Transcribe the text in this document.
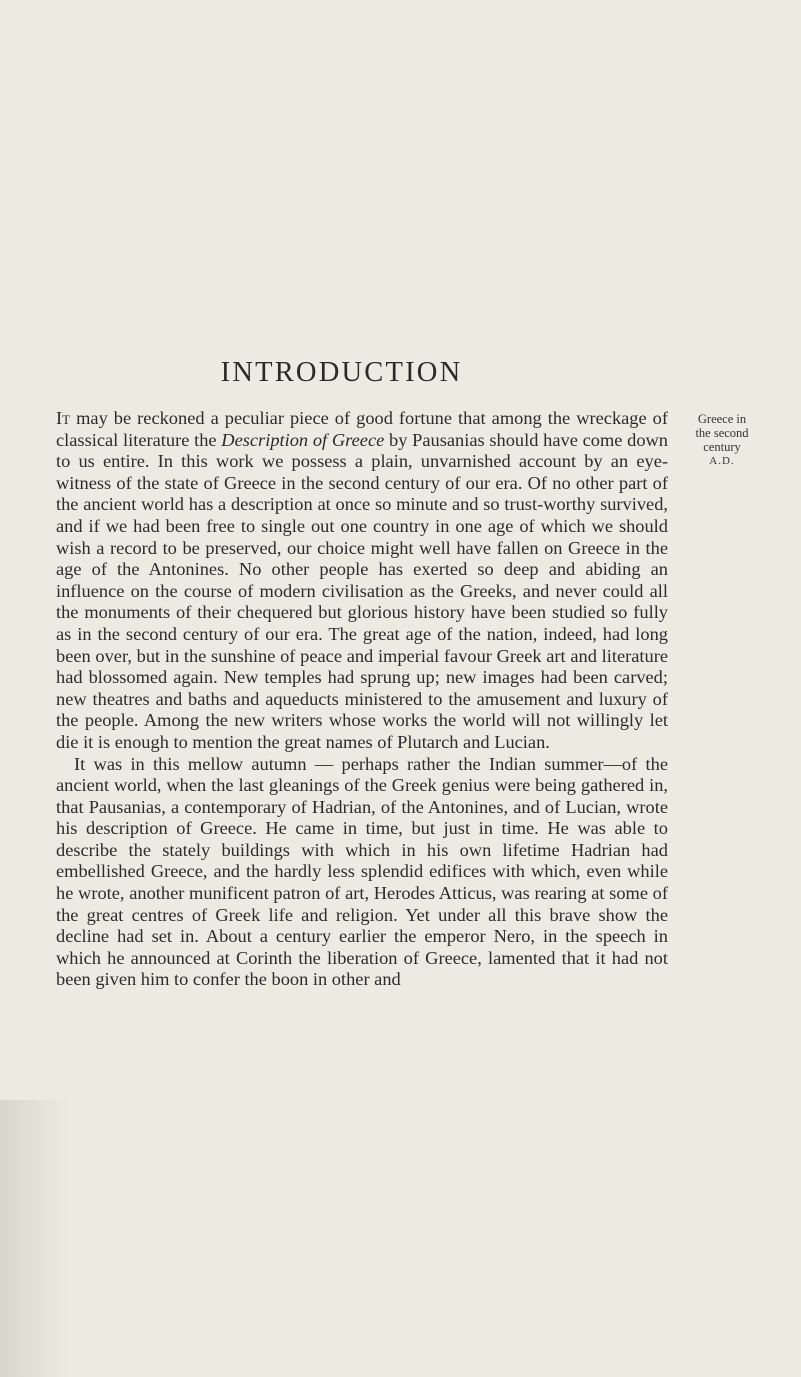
INTRODUCTION
Greece in
the second
century
A.D.

It may be reckoned a peculiar piece of good fortune that among the wreckage of classical literature the Description of Greece by Pausanias should have come down to us entire. In this work we possess a plain, unvarnished account by an eye-witness of the state of Greece in the second century of our era. Of no other part of the ancient world has a description at once so minute and so trust-worthy survived, and if we had been free to single out one country in one age of which we should wish a record to be preserved, our choice might well have fallen on Greece in the age of the Antonines. No other people has exerted so deep and abiding an influence on the course of modern civilisation as the Greeks, and never could all the monuments of their chequered but glorious history have been studied so fully as in the second century of our era. The great age of the nation, indeed, had long been over, but in the sunshine of peace and imperial favour Greek art and literature had blossomed again. New temples had sprung up; new images had been carved; new theatres and baths and aqueducts ministered to the amusement and luxury of the people. Among the new writers whose works the world will not willingly let die it is enough to mention the great names of Plutarch and Lucian.

It was in this mellow autumn — perhaps rather the Indian summer—of the ancient world, when the last gleanings of the Greek genius were being gathered in, that Pausanias, a contemporary of Hadrian, of the Antonines, and of Lucian, wrote his description of Greece. He came in time, but just in time. He was able to describe the stately buildings with which in his own lifetime Hadrian had embellished Greece, and the hardly less splendid edifices with which, even while he wrote, another munificent patron of art, Herodes Atticus, was rearing at some of the great centres of Greek life and religion. Yet under all this brave show the decline had set in. About a century earlier the emperor Nero, in the speech in which he announced at Corinth the liberation of Greece, lamented that it had not been given him to confer the boon in other and
